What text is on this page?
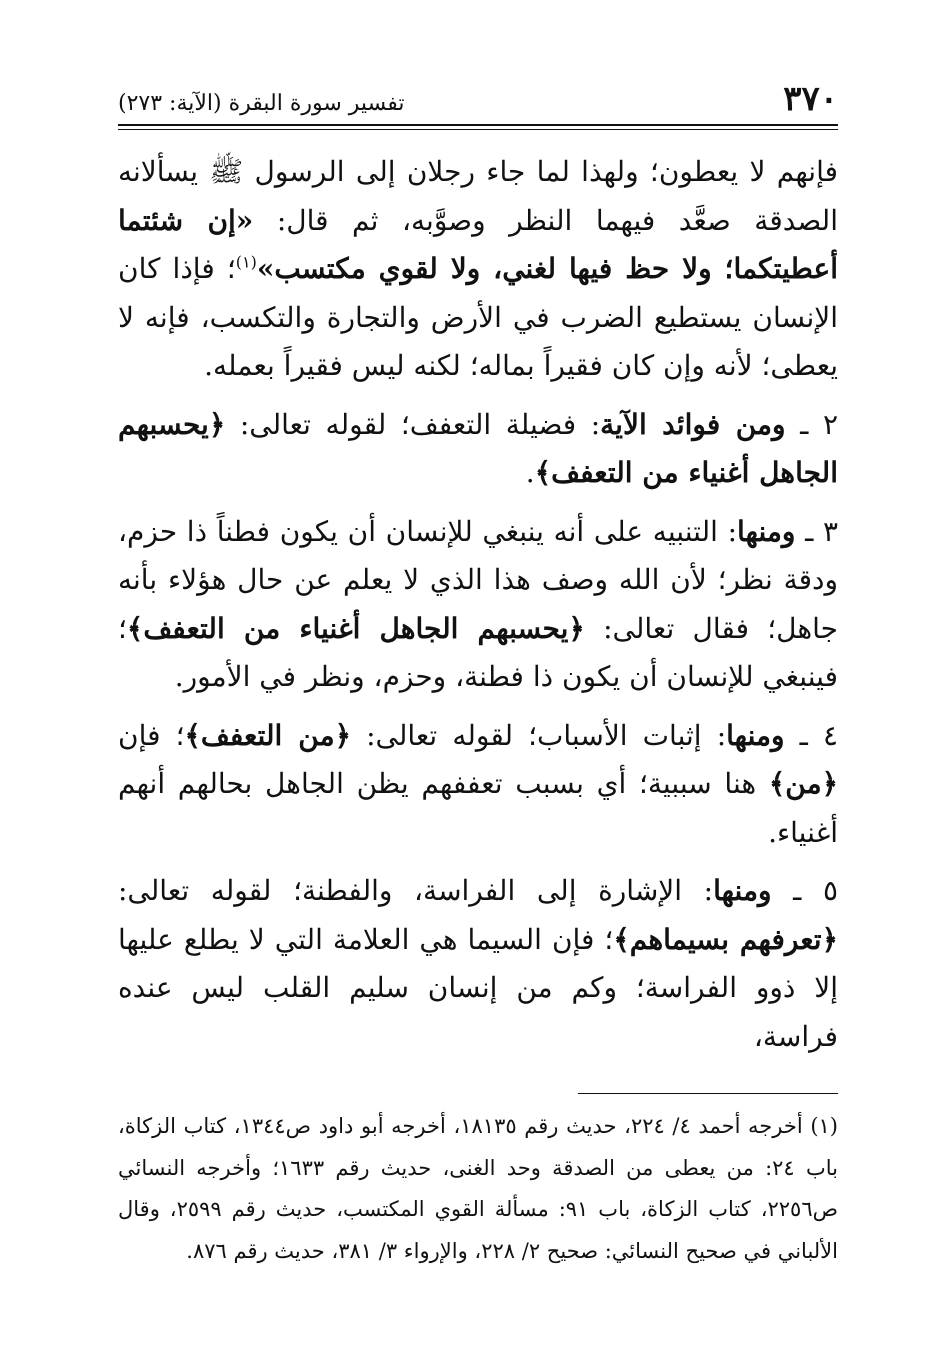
٣٧٠
تفسير سورة البقرة (الآية: ٢٧٣)

فإنهم لا يعطون؛ ولهذا لما جاء رجلان إلى الرسول ﷺ يسألانه الصدقة صعَّد فيهما النظر وصوَّبه، ثم قال: «إن شئتما أعطيتكما؛ ولا حظ فيها لغني، ولا لقوي مكتسب»$^{(١)}$؛ فإذا كان الإنسان يستطيع الضرب في الأرض والتجارة والتكسب، فإنه لا يعطى؛ لأنه وإن كان فقيراً بماله؛ لكنه ليس فقيراً بعمله.

٢ ـ ومن فوائد الآية: فضيلة التعفف؛ لقوله تعالى: ﴿يحسبهم الجاهل أغنياء من التعفف﴾.

٣ ـ ومنها: التنبيه على أنه ينبغي للإنسان أن يكون فطناً ذا حزم، ودقة نظر؛ لأن الله وصف هذا الذي لا يعلم عن حال هؤلاء بأنه جاهل؛ فقال تعالى: ﴿يحسبهم الجاهل أغنياء من التعفف﴾؛ فينبغي للإنسان أن يكون ذا فطنة، وحزم، ونظر في الأمور.

٤ ـ ومنها: إثبات الأسباب؛ لقوله تعالى: ﴿من التعفف﴾؛ فإن ﴿من﴾ هنا سببية؛ أي بسبب تعففهم يظن الجاهل بحالهم أنهم أغنياء.

٥ ـ ومنها: الإشارة إلى الفراسة، والفطنة؛ لقوله تعالى: ﴿تعرفهم بسيماهم﴾؛ فإن السيما هي العلامة التي لا يطلع عليها إلا ذوو الفراسة؛ وكم من إنسان سليم القلب ليس عنده فراسة،

(١) أخرجه أحمد ٤/ ٢٢٤، حديث رقم ١٨١٣٥، أخرجه أبو داود ص١٣٤٤، كتاب الزكاة، باب ٢٤: من يعطى من الصدقة وحد الغنى، حديث رقم ١٦٣٣؛ وأخرجه النسائي ص٢٢٥٦، كتاب الزكاة، باب ٩١: مسألة القوي المكتسب، حديث رقم ٢٥٩٩، وقال الألباني في صحيح النسائي: صحيح ٢/ ٢٢٨، والإرواء ٣/ ٣٨١، حديث رقم ٨٧٦.
